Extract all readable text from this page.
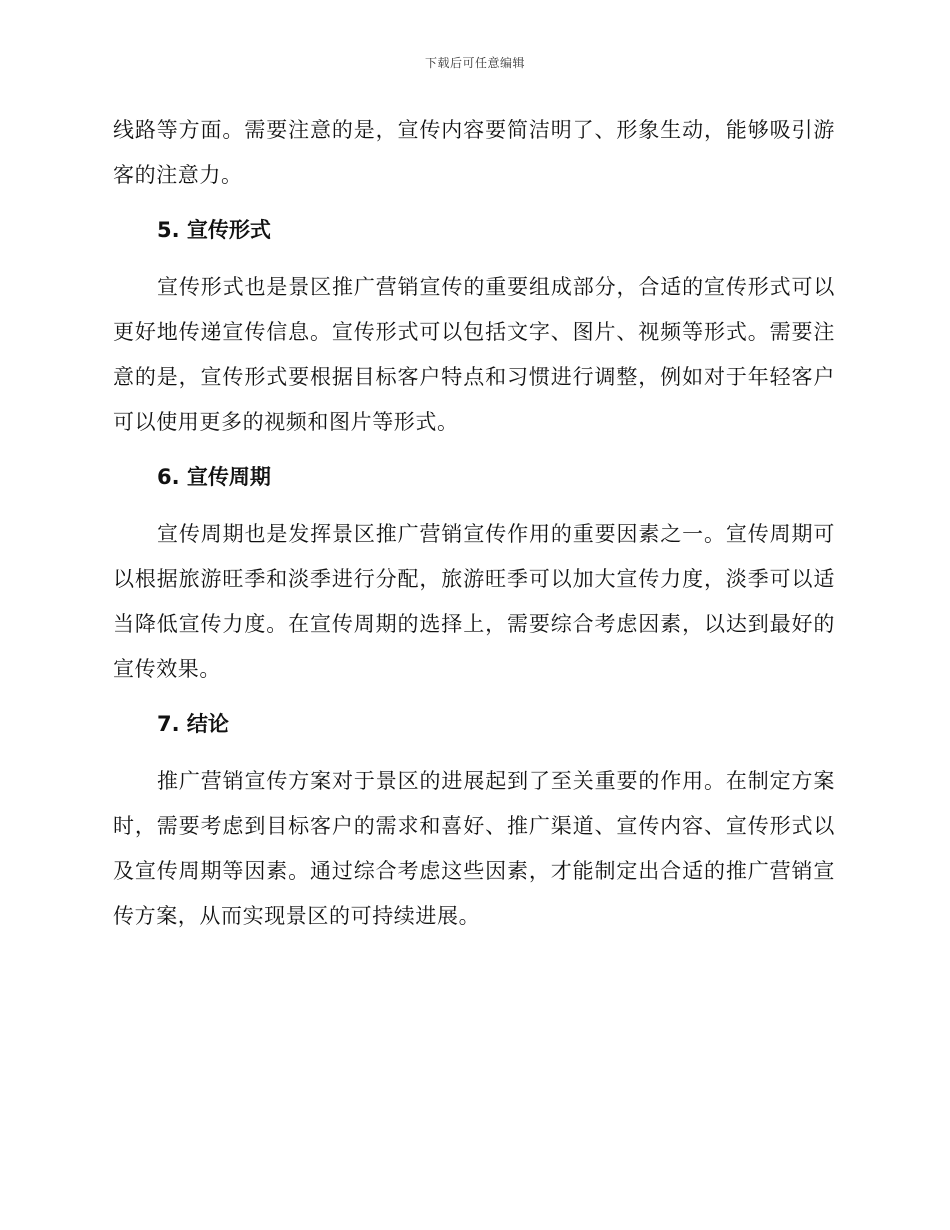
下载后可任意编辑

线路等方面。需要注意的是，宣传内容要简洁明了、形象生动，能够吸引游客的注意力。

5. 宣传形式

宣传形式也是景区推广营销宣传的重要组成部分，合适的宣传形式可以更好地传递宣传信息。宣传形式可以包括文字、图片、视频等形式。需要注意的是，宣传形式要根据目标客户特点和习惯进行调整，例如对于年轻客户可以使用更多的视频和图片等形式。

6. 宣传周期

宣传周期也是发挥景区推广营销宣传作用的重要因素之一。宣传周期可以根据旅游旺季和淡季进行分配，旅游旺季可以加大宣传力度，淡季可以适当降低宣传力度。在宣传周期的选择上，需要综合考虑因素，以达到最好的宣传效果。

7. 结论

推广营销宣传方案对于景区的进展起到了至关重要的作用。在制定方案时，需要考虑到目标客户的需求和喜好、推广渠道、宣传内容、宣传形式以及宣传周期等因素。通过综合考虑这些因素，才能制定出合适的推广营销宣传方案，从而实现景区的可持续进展。
